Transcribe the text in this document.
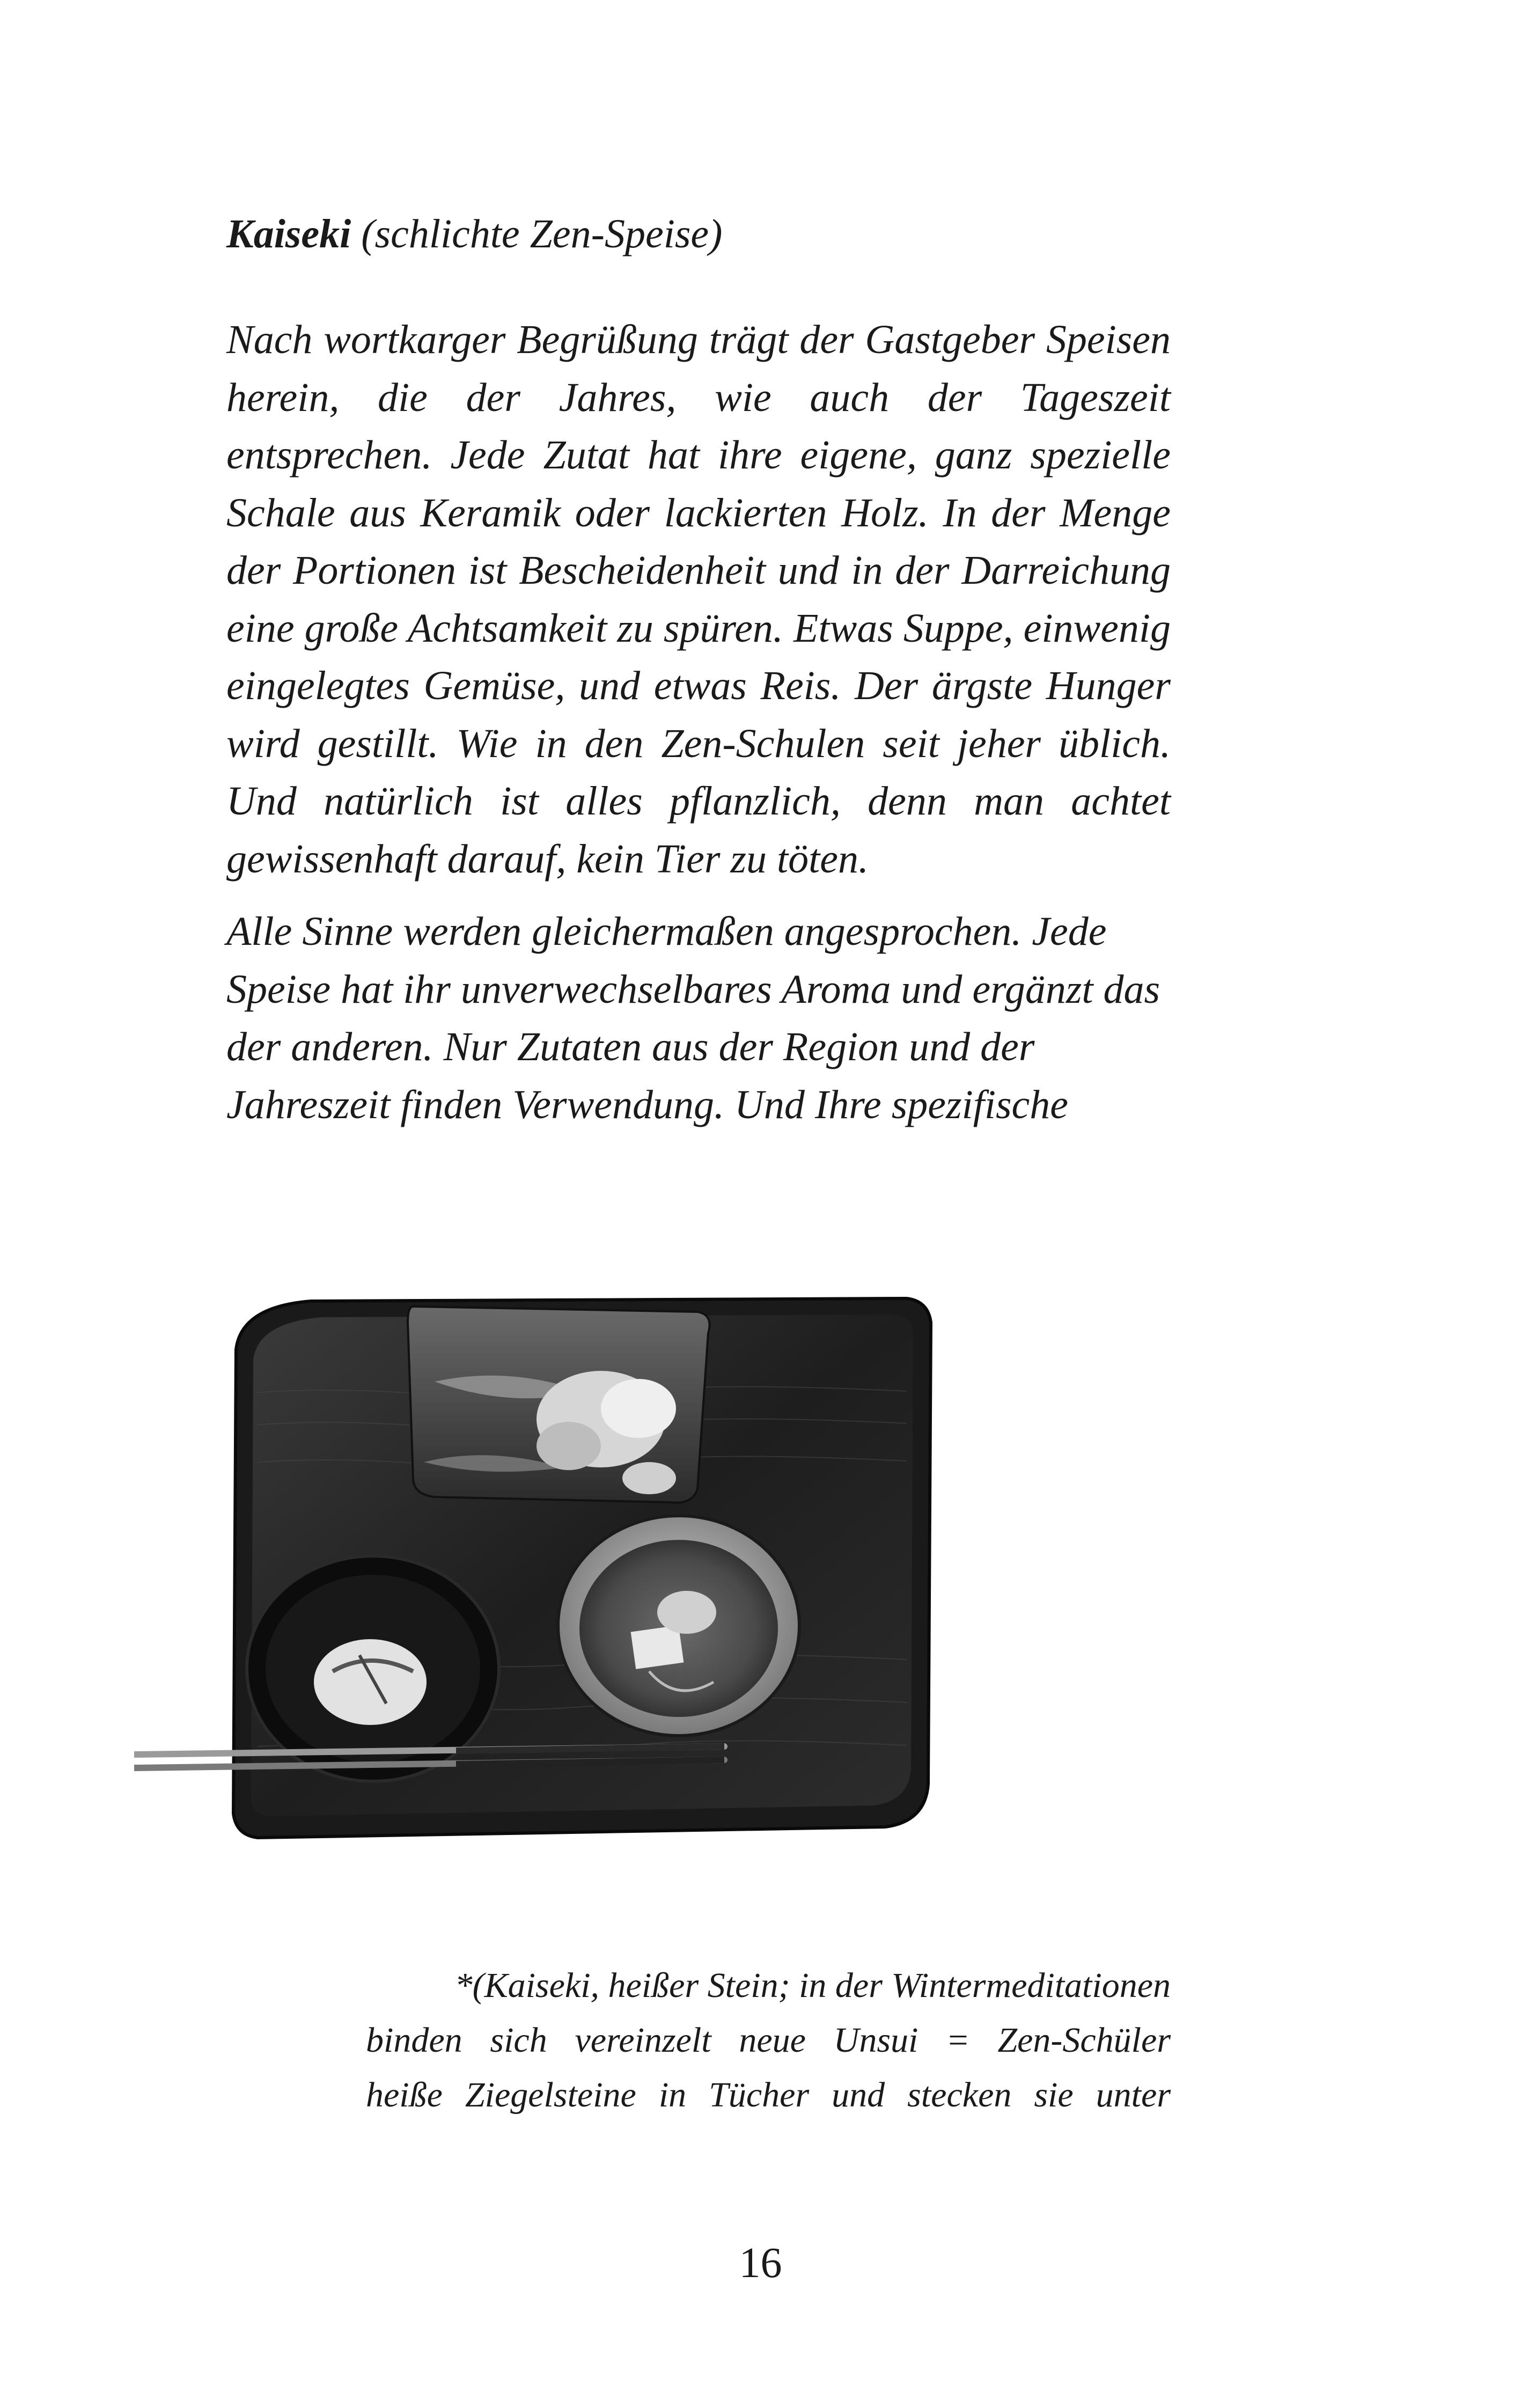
Kaiseki (schlichte Zen-Speise)

Nach wortkarger Begrüßung trägt der Gastgeber Speisen herein, die der Jahres, wie auch der Tageszeit entsprechen. Jede Zutat hat ihre eigene, ganz spezielle Schale aus Keramik oder lackierten Holz. In der Menge der Portionen ist Bescheidenheit und in der Darreichung eine große Achtsamkeit zu spüren. Etwas Suppe, einwenig eingelegtes Gemüse, und etwas Reis. Der ärgste Hunger wird gestillt. Wie in den Zen-Schulen seit jeher üblich. Und natürlich ist alles pflanzlich, denn man achtet gewissenhaft darauf, kein Tier zu töten.

Alle Sinne werden gleichermaßen angesprochen. Jede Speise hat ihr unverwechselbares Aroma und ergänzt das der anderen. Nur Zutaten aus der Region und der Jahreszeit finden Verwendung. Und Ihre spezifische

*(Kaiseki, heißer Stein; in der Wintermeditationen
binden sich vereinzelt neue Unsui = Zen-Schüler
heiße Ziegelsteine in Tücher und stecken sie unter
16
